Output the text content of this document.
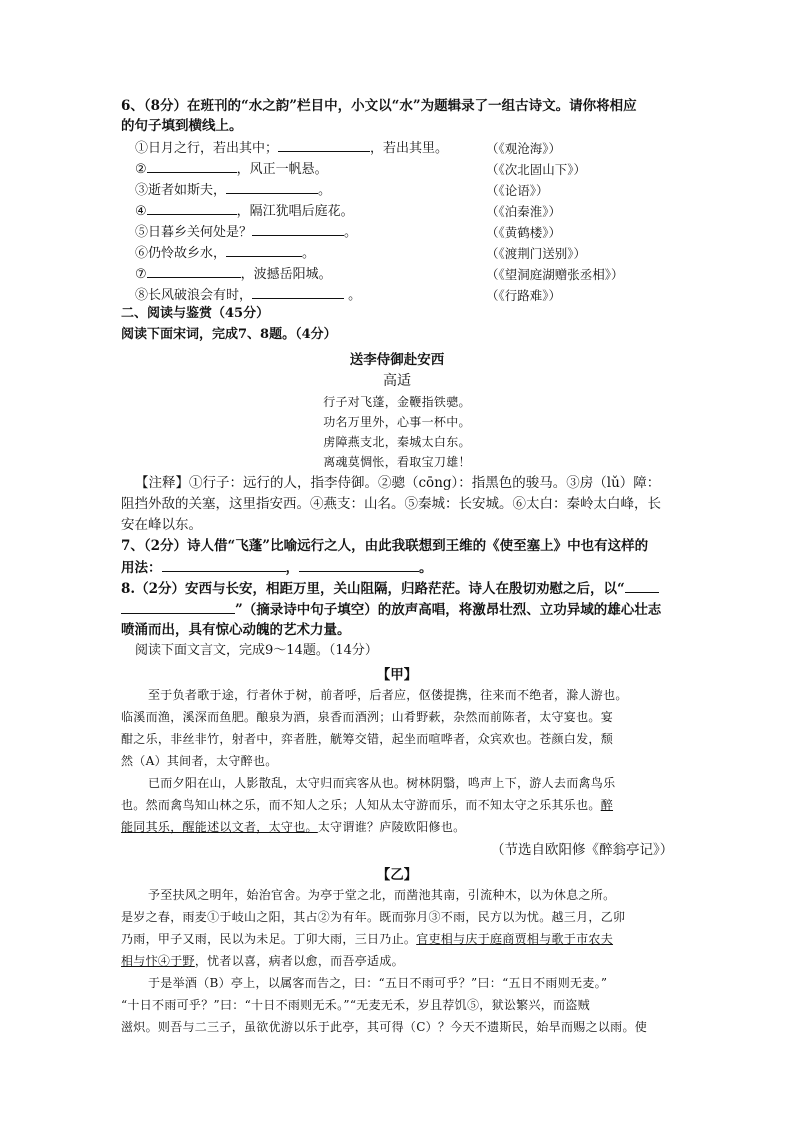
6、（8分）在班刊的“水之韵”栏目中，小文以“水”为题辑录了一组古诗文。请你将相应
的句子填到横线上。
①日月之行，若出其中；	，若出其里。	（《观沧海》）
②	，风正一帆悬。	（《次北固山下》）
③逝者如斯夫，	。	（《论语》）
④	，隔江犹唱后庭花。	（《泊秦淮》）
⑤日暮乡关何处是？	。	（《黄鹤楼》）
⑥仍怜故乡水，	。	（《渡荆门送别》）
⑦	，波撼岳阳城。	（《望洞庭湖赠张丞相》）
⑧长风破浪会有时，	。	（《行路难》）
二、阅读与鉴赏（45分）
阅读下面宋词，完成7、8题。（4分）
送李侍御赴安西
高适
行子对飞蓬，金鞭指铁骢。
功名万里外，心事一杯中。
虏障燕支北，秦城太白东。
离魂莫惆怅，看取宝刀雄！
【注释】①行子：远行的人，指李侍御。②骢（cōng）：指黑色的骏马。③房（lǔ）障：
阻挡外敌的关塞，这里指安西。④燕支：山名。⑤秦城：长安城。⑥太白：秦岭太白峰，长
安在峰以东。
7、（2分）诗人借“飞蓬”比喻远行之人，由此我联想到王维的《使至塞上》中也有这样的
用法：	，	。
8.（2分）安西与长安，相距万里，关山阻隔，归路茫茫。诗人在殷切劝慰之后，以“
”（摘录诗中句子填空）的放声高唱，将激昂壮烈、立功异域的雄心壮志
喷涌而出，具有惊心动魄的艺术力量。
阅读下面文言文，完成9～14题。（14分）
【甲】
至于负者歌于途，行者休于树，前者呼，后者应，伛偻提携，往来而不绝者，滁人游也。
临溪而渔，溪深而鱼肥。酿泉为酒，泉香而酒洌；山肴野蔌，杂然而前陈者，太守宴也。宴
酣之乐，非丝非竹，射者中，弈者胜，觥筹交错，起坐而喧哗者，众宾欢也。苍颜白发，颓
然（A）其间者，太守醉也。
已而夕阳在山，人影散乱，太守归而宾客从也。树林阴翳，鸣声上下，游人去而禽鸟乐
也。然而禽鸟知山林之乐，而不知人之乐；人知从太守游而乐，而不知太守之乐其乐也。醉
能同其乐，醒能述以文者，太守也。太守谓谁？庐陵欧阳修也。
（节选自欧阳修《醉翁亭记》）
【乙】
予至扶风之明年，始治官舍。为亭于堂之北，而凿池其南，引流种木，以为休息之所。
是岁之春，雨麦①于岐山之阳，其占②为有年。既而弥月③不雨，民方以为忧。越三月，乙卯
乃雨，甲子又雨，民以为未足。丁卯大雨，三日乃止。官吏相与庆于庭商贾相与歌于市农夫
相与忭④于野，忧者以喜，病者以愈，而吾亭适成。
于是举酒（B）亭上，以属客而告之，曰：“五日不雨可乎？”曰：“五日不雨则无麦。”
“十日不雨可乎？”曰：“十日不雨则无禾。”“无麦无禾，岁且荐饥⑤，狱讼繁兴，而盗贼
滋炽。则吾与二三子，虽欲优游以乐于此亭，其可得（C）？今天不遗斯民，始旱而赐之以雨。使
